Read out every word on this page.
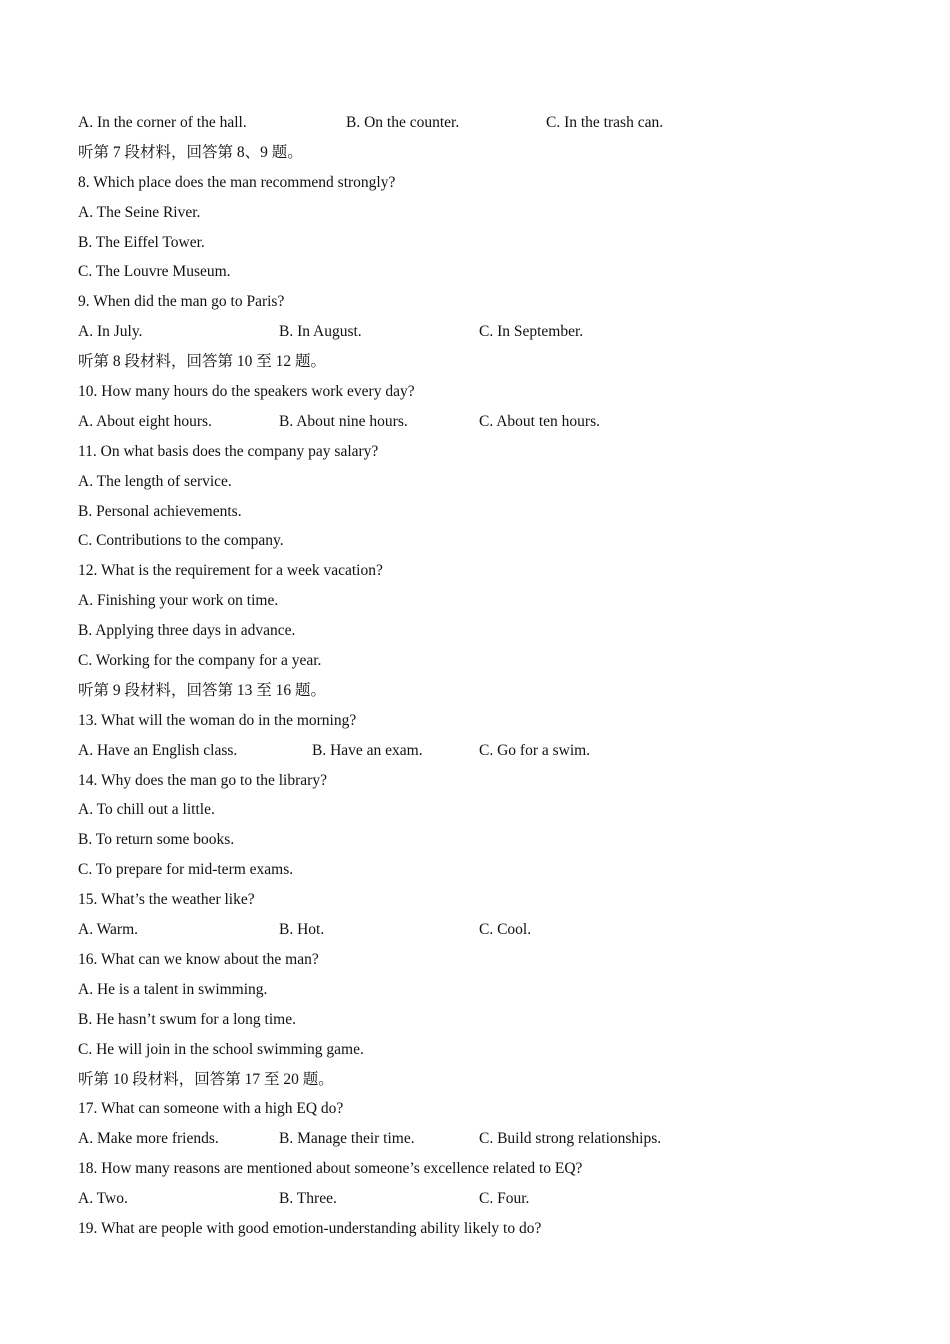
A. In the corner of the hall.	B. On the counter.	C. In the trash can.
听第 7 段材料，回答第 8、9 题。
8. Which place does the man recommend strongly?
A. The Seine River.
B. The Eiffel Tower.
C. The Louvre Museum.
9. When did the man go to Paris?
A. In July.	B. In August.	C. In September.
听第 8 段材料，回答第 10 至 12 题。
10. How many hours do the speakers work every day?
A. About eight hours.	B. About nine hours.	C. About ten hours.
11. On what basis does the company pay salary?
A. The length of service.
B. Personal achievements.
C. Contributions to the company.
12. What is the requirement for a week vacation?
A. Finishing your work on time.
B. Applying three days in advance.
C. Working for the company for a year.
听第 9 段材料，回答第 13 至 16 题。
13. What will the woman do in the morning?
A. Have an English class.	B. Have an exam.	C. Go for a swim.
14. Why does the man go to the library?
A. To chill out a little.
B. To return some books.
C. To prepare for mid-term exams.
15. What’s the weather like?
A. Warm.	B. Hot.	C. Cool.
16. What can we know about the man?
A. He is a talent in swimming.
B. He hasn’t swum for a long time.
C. He will join in the school swimming game.
听第 10 段材料，回答第 17 至 20 题。
17. What can someone with a high EQ do?
A. Make more friends.	B. Manage their time.	C. Build strong relationships.
18. How many reasons are mentioned about someone’s excellence related to EQ?
A. Two.	B. Three.	C. Four.
19. What are people with good emotion-understanding ability likely to do?
